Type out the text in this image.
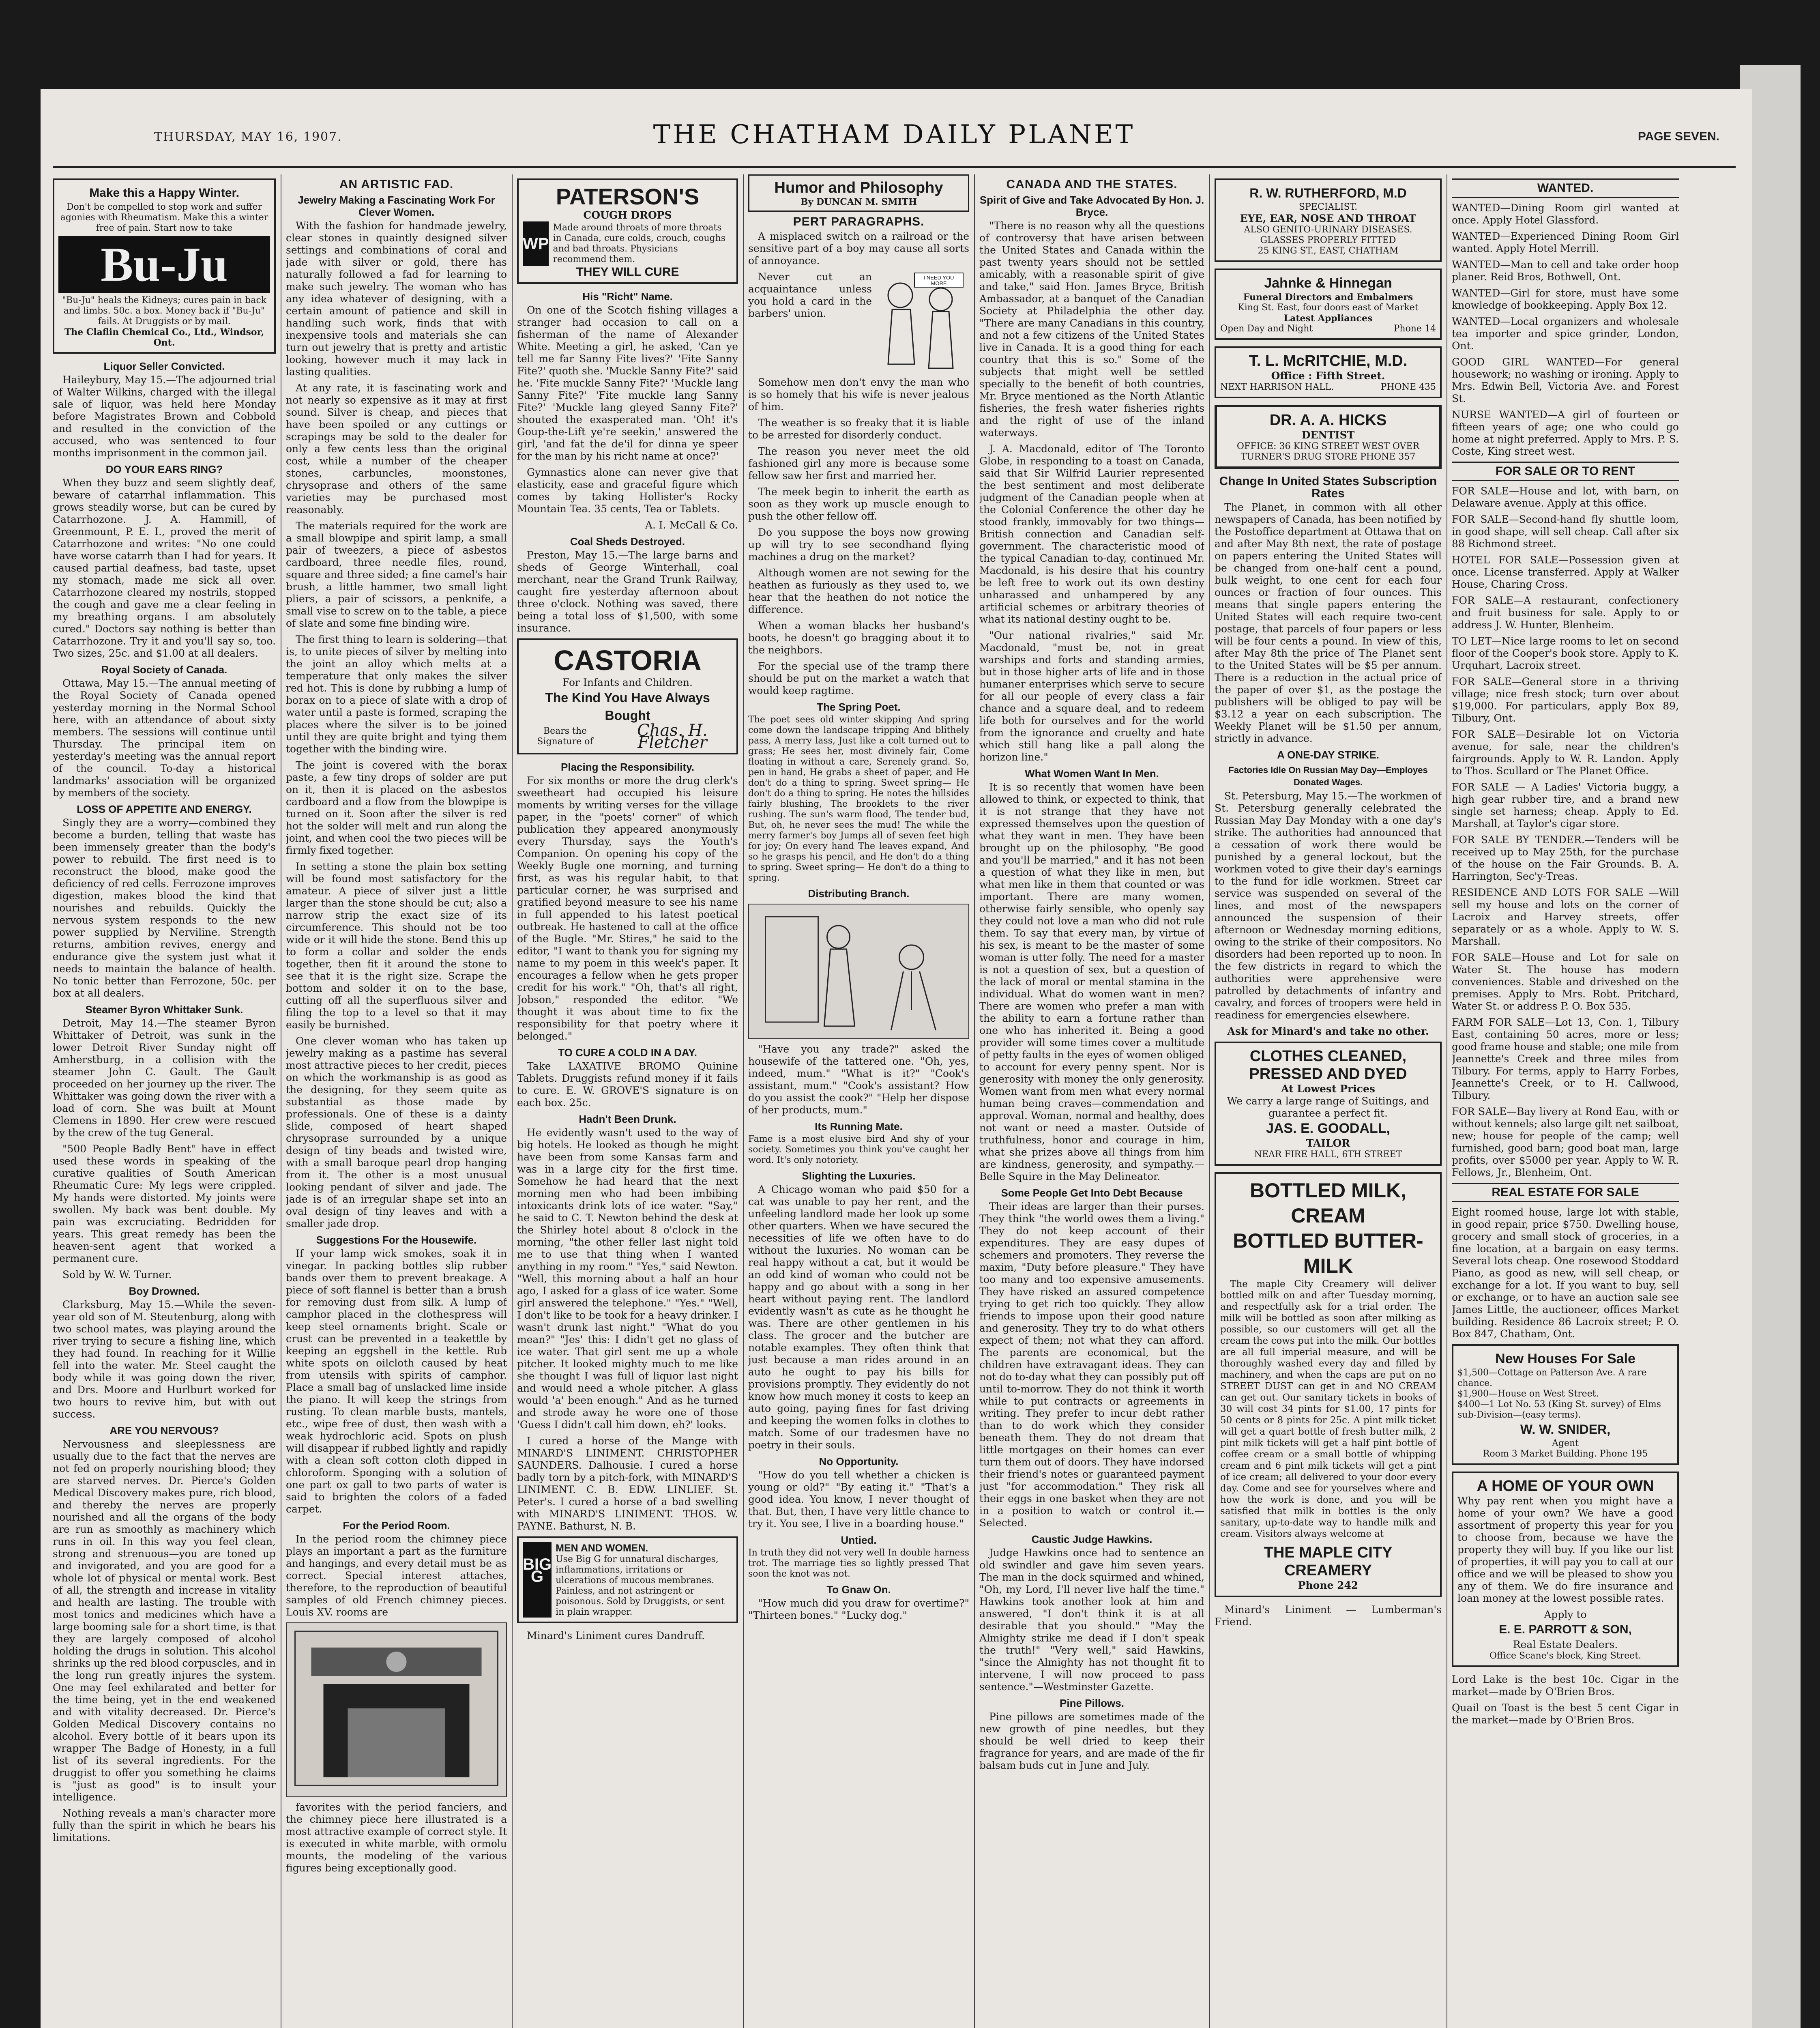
THURSDAY, MAY 16, 1907.	THE CHATHAM DAILY PLANET	PAGE SEVEN.
Make this a Happy Winter.
Don't be compelled to stop work and suffer agonies with Rheumatism. Make this a winter free of pain. Start now to take
Bu-Ju
"Bu-Ju" heals the Kidneys; cures pain in back and limbs. 50c. a box. Money back if "Bu-Ju" fails. At Druggists or by mail.
The Claflin Chemical Co., Ltd., Windsor, Ont.
Liquor Seller Convicted.

Haileybury, May 15.—The adjourned trial of Walter Wilkins, charged with the illegal sale of liquor, was held here Monday before Magistrates Brown and Cobbold and resulted in the conviction of the accused, who was sentenced to four months imprisonment in the common jail.

DO YOUR EARS RING?

When they buzz and seem slightly deaf, beware of catarrhal inflammation. This grows steadily worse, but can be cured by Catarrhozone. J. A. Hammill, of Greenmount, P. E. I., proved the merit of Catarrhozone and writes: "No one could have worse catarrh than I had for years. It caused partial deafness, bad taste, upset my stomach, made me sick all over. Catarrhozone cleared my nostrils, stopped the cough and gave me a clear feeling in my breathing organs. I am absolutely cured." Doctors say nothing is better than Catarrhozone. Try it and you'll say so, too. Two sizes, 25c. and $1.00 at all dealers.

Royal Society of Canada.

Ottawa, May 15.—The annual meeting of the Royal Society of Canada opened yesterday morning in the Normal School here, with an attendance of about sixty members. The sessions will continue until Thursday. The principal item on yesterday's meeting was the annual report of the council. To-day a historical landmarks' association will be organized by members of the society.

LOSS OF APPETITE AND ENERGY.

Singly they are a worry—combined they become a burden, telling that waste has been immensely greater than the body's power to rebuild. The first need is to reconstruct the blood, make good the deficiency of red cells. Ferrozone improves digestion, makes blood the kind that nourishes and rebuilds. Quickly the nervous system responds to the new power supplied by Nerviline. Strength returns, ambition revives, energy and endurance give the system just what it needs to maintain the balance of health. No tonic better than Ferrozone, 50c. per box at all dealers.

Steamer Byron Whittaker Sunk.

Detroit, May 14.—The steamer Byron Whittaker of Detroit, was sunk in the lower Detroit River Sunday night off Amherstburg, in a collision with the steamer John C. Gault. The Gault proceeded on her journey up the river. The Whittaker was going down the river with a load of corn. She was built at Mount Clemens in 1890. Her crew were rescued by the crew of the tug General.

"500 People Badly Bent" have in effect used these words in speaking of the curative qualities of South American Rheumatic Cure: My legs were crippled. My hands were distorted. My joints were swollen. My back was bent double. My pain was excruciating. Bedridden for years. This great remedy has been the heaven-sent agent that worked a permanent cure.

Sold by W. W. Turner.

Boy Drowned.

Clarksburg, May 15.—While the seven-year old son of M. Steutenburg, along with two school mates, was playing around the river trying to secure a fishing line, which they had found. In reaching for it Willie fell into the water. Mr. Steel caught the body while it was going down the river, and Drs. Moore and Hurlburt worked for two hours to revive him, but with out success.

ARE YOU NERVOUS?

Nervousness and sleeplessness are usually due to the fact that the nerves are not fed on properly nourishing blood; they are starved nerves. Dr. Pierce's Golden Medical Discovery makes pure, rich blood, and thereby the nerves are properly nourished and all the organs of the body are run as smoothly as machinery which runs in oil. In this way you feel clean, strong and strenuous—you are toned up and invigorated, and you are good for a whole lot of physical or mental work. Best of all, the strength and increase in vitality and health are lasting. The trouble with most tonics and medicines which have a large booming sale for a short time, is that they are largely composed of alcohol holding the drugs in solution. This alcohol shrinks up the red blood corpuscles, and in the long run greatly injures the system. One may feel exhilarated and better for the time being, yet in the end weakened and with vitality decreased. Dr. Pierce's Golden Medical Discovery contains no alcohol. Every bottle of it bears upon its wrapper The Badge of Honesty, in a full list of its several ingredients. For the druggist to offer you something he claims is "just as good" is to insult your intelligence.

Nothing reveals a man's character more fully than the spirit in which he bears his limitations.

AN ARTISTIC FAD.
Jewelry Making a Fascinating Work For Clever Women.

With the fashion for handmade jewelry, clear stones in quaintly designed silver settings and combinations of coral and jade with silver or gold, there has naturally followed a fad for learning to make such jewelry. The woman who has any idea whatever of designing, with a certain amount of patience and skill in handling such work, finds that with inexpensive tools and materials she can turn out jewelry that is pretty and artistic looking, however much it may lack in lasting qualities.

At any rate, it is fascinating work and not nearly so expensive as it may at first sound. Silver is cheap, and pieces that have been spoiled or any cuttings or scrapings may be sold to the dealer for only a few cents less than the original cost, while a number of the cheaper stones, carbuncles, moonstones, chrysoprase and others of the same varieties may be purchased most reasonably.

The materials required for the work are a small blowpipe and spirit lamp, a small pair of tweezers, a piece of asbestos cardboard, three needle files, round, square and three sided; a fine camel's hair brush, a little hammer, two small light pliers, a pair of scissors, a penknife, a small vise to screw on to the table, a piece of slate and some fine binding wire.

The first thing to learn is soldering—that is, to unite pieces of silver by melting into the joint an alloy which melts at a temperature that only makes the silver red hot. This is done by rubbing a lump of borax on to a piece of slate with a drop of water until a paste is formed, scraping the places where the silver is to be joined until they are quite bright and tying them together with the binding wire.

The joint is covered with the borax paste, a few tiny drops of solder are put on it, then it is placed on the asbestos cardboard and a flow from the blowpipe is turned on it. Soon after the silver is red hot the solder will melt and run along the joint, and when cool the two pieces will be firmly fixed together.

In setting a stone the plain box setting will be found most satisfactory for the amateur. A piece of silver just a little larger than the stone should be cut; also a narrow strip the exact size of its circumference. This should not be too wide or it will hide the stone. Bend this up to form a collar and solder the ends together, then fit it around the stone to see that it is the right size. Scrape the bottom and solder it on to the base, cutting off all the superfluous silver and filing the top to a level so that it may easily be burnished.

One clever woman who has taken up jewelry making as a pastime has several most attractive pieces to her credit, pieces on which the workmanship is as good as the designing, for they seem quite as substantial as those made by professionals. One of these is a dainty slide, composed of heart shaped chrysoprase surrounded by a unique design of tiny beads and twisted wire, with a small baroque pearl drop hanging from it. The other is a most unusual looking pendant of silver and jade. The jade is of an irregular shape set into an oval design of tiny leaves and with a smaller jade drop.

Suggestions For the Housewife.

If your lamp wick smokes, soak it in vinegar. In packing bottles slip rubber bands over them to prevent breakage. A piece of soft flannel is better than a brush for removing dust from silk. A lump of camphor placed in the clothespress will keep steel ornaments bright. Scale or crust can be prevented in a teakettle by keeping an eggshell in the kettle. Rub white spots on oilcloth caused by heat from utensils with spirits of camphor. Place a small bag of unslacked lime inside the piano. It will keep the strings from rusting. To clean marble busts, mantels, etc., wipe free of dust, then wash with a weak hydrochloric acid. Spots on plush will disappear if rubbed lightly and rapidly with a clean soft cotton cloth dipped in chloroform. Sponging with a solution of one part ox gall to two parts of water is said to brighten the colors of a faded carpet.

For the Period Room.

In the period room the chimney piece plays an important a part as the furniture and hangings, and every detail must be as correct. Special interest attaches, therefore, to the reproduction of beautiful samples of old French chimney pieces. Louis XV. rooms are

favorites with the period fanciers, and the chimney piece here illustrated is a most attractive example of correct style. It is executed in white marble, with ormolu mounts, the modeling of the various figures being exceptionally good.

PATERSON'S
COUGH DROPS
WP
Made around throats of more throats in Canada, cure colds, crouch, coughs and bad throats. Physicians recommend them.
THEY WILL CURE
His "Richt" Name.

On one of the Scotch fishing villages a stranger had occasion to call on a fisherman of the name of Alexander White. Meeting a girl, he asked, 'Can ye tell me far Sanny Fite lives?' 'Fite Sanny Fite?' quoth she. 'Muckle Sanny Fite?' said he. 'Fite muckle Sanny Fite?' 'Muckle lang Sanny Fite?' 'Fite muckle lang Sanny Fite?' 'Muckle lang gleyed Sanny Fite?' shouted the exasperated man. 'Oh! it's Goup-the-Lift ye're seekin,' answered the girl, 'and fat the de'il for dinna ye speer for the man by his richt name at once?'

Gymnastics alone can never give that elasticity, ease and graceful figure which comes by taking Hollister's Rocky Mountain Tea. 35 cents, Tea or Tablets.

A. I. McCall & Co.

Coal Sheds Destroyed.

Preston, May 15.—The large barns and sheds of George Winterhall, coal merchant, near the Grand Trunk Railway, caught fire yesterday afternoon about three o'clock. Nothing was saved, there being a total loss of $1,500, with some insurance.

CASTORIA
For Infants and Children.
The Kind You Have Always Bought
Bears the Signature of
Chas. H. Fletcher
Placing the Responsibility.

For six months or more the drug clerk's sweetheart had occupied his leisure moments by writing verses for the village paper, in the "poets' corner" of which publication they appeared anonymously every Thursday, says the Youth's Companion. On opening his copy of the Weekly Bugle one morning, and turning first, as was his regular habit, to that particular corner, he was surprised and gratified beyond measure to see his name in full appended to his latest poetical outbreak. He hastened to call at the office of the Bugle. "Mr. Stires," he said to the editor, "I want to thank you for signing my name to my poem in this week's paper. It encourages a fellow when he gets proper credit for his work." "Oh, that's all right, Jobson," responded the editor. "We thought it was about time to fix the responsibility for that poetry where it belonged."

TO CURE A COLD IN A DAY.

Take LAXATIVE BROMO Quinine Tablets. Druggists refund money if it fails to cure. E. W. GROVE'S signature is on each box. 25c.

Hadn't Been Drunk.

He evidently wasn't used to the way of big hotels. He looked as though he might have been from some Kansas farm and was in a large city for the first time. Somehow he had heard that the next morning men who had been imbibing intoxicants drink lots of ice water. "Say," he said to C. T. Newton behind the desk at the Shirley hotel about 8 o'clock in the morning, "the other feller last night told me to use that thing when I wanted anything in my room." "Yes," said Newton. "Well, this morning about a half an hour ago, I asked for a glass of ice water. Some girl answered the telephone." "Yes." "Well, I don't like to be took for a heavy drinker. I wasn't drunk last night." "What do you mean?" "Jes' this: I didn't get no glass of ice water. That girl sent me up a whole pitcher. It looked mighty much to me like she thought I was full of liquor last night and would need a whole pitcher. A glass would 'a' been enough." And as he turned and strode away he wore one of those 'Guess I didn't call him down, eh?' looks.

I cured a horse of the Mange with MINARD'S LINIMENT. CHRISTOPHER SAUNDERS. Dalhousie. I cured a horse badly torn by a pitch-fork, with MINARD'S LINIMENT. C. B. EDW. LINLIEF. St. Peter's. I cured a horse of a bad swelling with MINARD'S LINIMENT. THOS. W. PAYNE. Bathurst, N. B.

BIG G
MEN AND WOMEN.
Use Big G for unnatural discharges, inflammations, irritations or ulcerations of mucous membranes. Painless, and not astringent or poisonous. Sold by Druggists, or sent in plain wrapper.

Minard's Liniment cures Dandruff.

Humor and Philosophy
By DUNCAN M. SMITH
PERT PARAGRAPHS.

A misplaced switch on a railroad or the sensitive part of a boy may cause all sorts of annoyance.

Never cut an acquaintance unless you hold a card in the barbers' union.

I NEED YOU MORE

Somehow men don't envy the man who is so homely that his wife is never jealous of him.

The weather is so freaky that it is liable to be arrested for disorderly conduct.

The reason you never meet the old fashioned girl any more is because some fellow saw her first and married her.

The meek begin to inherit the earth as soon as they work up muscle enough to push the other fellow off.

Do you suppose the boys now growing up will try to see secondhand flying machines a drug on the market?

Although women are not sewing for the heathen as furiously as they used to, we hear that the heathen do not notice the difference.

When a woman blacks her husband's boots, he doesn't go bragging about it to the neighbors.

For the special use of the tramp there should be put on the market a watch that would keep ragtime.

The Spring Poet.

The poet sees old winter skipping And spring come down the landscape tripping And blithely pass, A merry lass, Just like a colt turned out to grass; He sees her, most divinely fair, Come floating in without a care, Serenely grand. So, pen in hand, He grabs a sheet of paper, and He don't do a thing to spring. Sweet spring— He don't do a thing to spring. He notes the hillsides fairly blushing, The brooklets to the river rushing. The sun's warm flood, The tender bud, But, oh, he never sees the mud! The while the merry farmer's boy Jumps all of seven feet high for joy; On every hand The leaves expand, And so he grasps his pencil, and He don't do a thing to spring. Sweet spring— He don't do a thing to spring.

Distributing Branch.

"Have you any trade?" asked the housewife of the tattered one. "Oh, yes, indeed, mum." "What is it?" "Cook's assistant, mum." "Cook's assistant? How do you assist the cook?" "Help her dispose of her products, mum."

Its Running Mate.

Fame is a most elusive bird And shy of your society. Sometimes you think you've caught her word. It's only notoriety.

Slighting the Luxuries.

A Chicago woman who paid $50 for a cat was unable to pay her rent, and the unfeeling landlord made her look up some other quarters. When we have secured the necessities of life we often have to do without the luxuries. No woman can be real happy without a cat, but it would be an odd kind of woman who could not be happy and go about with a song in her heart without paying rent. The landlord evidently wasn't as cute as he thought he was. There are other gentlemen in his class. The grocer and the butcher are notable examples. They often think that just because a man rides around in an auto he ought to pay his bills for provisions promptly. They evidently do not know how much money it costs to keep an auto going, paying fines for fast driving and keeping the women folks in clothes to match. Some of our tradesmen have no poetry in their souls.

No Opportunity.

"How do you tell whether a chicken is young or old?" "By eating it." "That's a good idea. You know, I never thought of that. But, then, I have very little chance to try it. You see, I live in a boarding house."

Untied.

In truth they did not very well In double harness trot. The marriage ties so lightly pressed That soon the knot was not.

To Gnaw On.

"How much did you draw for overtime?" "Thirteen bones." "Lucky dog."

CANADA AND THE STATES.
Spirit of Give and Take Advocated By Hon. J. Bryce.

"There is no reason why all the questions of controversy that have arisen between the United States and Canada within the past twenty years should not be settled amicably, with a reasonable spirit of give and take," said Hon. James Bryce, British Ambassador, at a banquet of the Canadian Society at Philadelphia the other day. "There are many Canadians in this country, and not a few citizens of the United States live in Canada. It is a good thing for each country that this is so." Some of the subjects that might well be settled specially to the benefit of both countries, Mr. Bryce mentioned as the North Atlantic fisheries, the fresh water fisheries rights and the right of use of the inland waterways.

J. A. Macdonald, editor of The Toronto Globe, in responding to a toast on Canada, said that Sir Wilfrid Laurier represented the best sentiment and most deliberate judgment of the Canadian people when at the Colonial Conference the other day he stood frankly, immovably for two things—British connection and Canadian self-government. The characteristic mood of the typical Canadian to-day, continued Mr. Macdonald, is his desire that his country be left free to work out its own destiny unharassed and unhampered by any artificial schemes or arbitrary theories of what its national destiny ought to be.

"Our national rivalries," said Mr. Macdonald, "must be, not in great warships and forts and standing armies, but in those higher arts of life and in those humaner enterprises which serve to secure for all our people of every class a fair chance and a square deal, and to redeem life both for ourselves and for the world from the ignorance and cruelty and hate which still hang like a pall along the horizon line."

What Women Want In Men.

It is so recently that women have been allowed to think, or expected to think, that it is not strange that they have not expressed themselves upon the question of what they want in men. They have been brought up on the philosophy, "Be good and you'll be married," and it has not been a question of what they like in men, but what men like in them that counted or was important. There are many women, otherwise fairly sensible, who openly say they could not love a man who did not rule them. To say that every man, by virtue of his sex, is meant to be the master of some woman is utter folly. The need for a master is not a question of sex, but a question of the lack of moral or mental stamina in the individual. What do women want in men? There are women who prefer a man with the ability to earn a fortune rather than one who has inherited it. Being a good provider will some times cover a multitude of petty faults in the eyes of women obliged to account for every penny spent. Nor is generosity with money the only generosity. Women want from men what every normal human being craves—commendation and approval. Woman, normal and healthy, does not want or need a master. Outside of truthfulness, honor and courage in him, what she prizes above all things from him are kindness, generosity, and sympathy.—Belle Squire in the May Delineator.

Some People Get Into Debt Because

Their ideas are larger than their purses. They think "the world owes them a living." They do not keep account of their expenditures. They are easy dupes of schemers and promoters. They reverse the maxim, "Duty before pleasure." They have too many and too expensive amusements. They have risked an assured competence trying to get rich too quickly. They allow friends to impose upon their good nature and generosity. They try to do what others expect of them; not what they can afford. The parents are economical, but the children have extravagant ideas. They can not do to-day what they can possibly put off until to-morrow. They do not think it worth while to put contracts or agreements in writing. They prefer to incur debt rather than to do work which they consider beneath them. They do not dream that little mortgages on their homes can ever turn them out of doors. They have indorsed their friend's notes or guaranteed payment just "for accommodation." They risk all their eggs in one basket when they are not in a position to watch or control it.—Selected.

Caustic Judge Hawkins.

Judge Hawkins once had to sentence an old swindler and gave him seven years. The man in the dock squirmed and whined, "Oh, my Lord, I'll never live half the time." Hawkins took another look at him and answered, "I don't think it is at all desirable that you should." "May the Almighty strike me dead if I don't speak the truth!" "Very well," said Hawkins, "since the Almighty has not thought fit to intervene, I will now proceed to pass sentence."—Westminster Gazette.

Pine Pillows.

Pine pillows are sometimes made of the new growth of pine needles, but they should be well dried to keep their fragrance for years, and are made of the fir balsam buds cut in June and July.

R. W. RUTHERFORD, M.D
SPECIALIST.
EYE, EAR, NOSE AND THROAT
ALSO GENITO-URINARY DISEASES.
GLASSES PROPERLY FITTED
25 KING ST., EAST, CHATHAM
Jahnke & Hinnegan
Funeral Directors and Embalmers
King St. East, four doors east of Market
Latest Appliances
Open Day and Night	Phone 14
T. L. McRITCHIE, M.D.
Office : Fifth Street.
NEXT HARRISON HALL.	PHONE 435
DR. A. A. HICKS
DENTIST
OFFICE: 36 KING STREET WEST OVER TURNER'S DRUG STORE PHONE 357
Change In United States Subscription Rates

The Planet, in common with all other newspapers of Canada, has been notified by the Postoffice department at Ottawa that on and after May 8th next, the rate of postage on papers entering the United States will be changed from one-half cent a pound, bulk weight, to one cent for each four ounces or fraction of four ounces. This means that single papers entering the United States will each require two-cent postage, that parcels of four papers or less will be four cents a pound. In view of this, after May 8th the price of The Planet sent to the United States will be $5 per annum. There is a reduction in the actual price of the paper of over $1, as the postage the publishers will be obliged to pay will be $3.12 a year on each subscription. The Weekly Planet will be $1.50 per annum, strictly in advance.

A ONE-DAY STRIKE.
Factories Idle On Russian May Day—Employes Donated Wages.

St. Petersburg, May 15.—The workmen of St. Petersburg generally celebrated the Russian May Day Monday with a one day's strike. The authorities had announced that a cessation of work there would be punished by a general lockout, but the workmen voted to give their day's earnings to the fund for idle workmen. Street car service was suspended on several of the lines, and most of the newspapers announced the suspension of their afternoon or Wednesday morning editions, owing to the strike of their compositors. No disorders had been reported up to noon. In the few districts in regard to which the authorities were apprehensive were patrolled by detachments of infantry and cavalry, and forces of troopers were held in readiness for emergencies elsewhere.

Ask for Minard's and take no other.

CLOTHES CLEANED,
PRESSED AND DYED
At Lowest Prices
We carry a large range of Suitings, and guarantee a perfect fit.
JAS. E. GOODALL,
TAILOR
NEAR FIRE HALL, 6TH STREET
BOTTLED MILK, CREAM
BOTTLED BUTTER-MILK

The maple City Creamery will deliver bottled milk on and after Tuesday morning, and respectfully ask for a trial order. The milk will be bottled as soon after milking as possible, so our customers will get all the cream the cows put into the milk. Our bottles are all full imperial measure, and will be thoroughly washed every day and filled by machinery, and when the caps are put on no STREET DUST can get in and NO CREAM can get out. Our sanitary tickets in books of 30 will cost 34 pints for $1.00, 17 pints for 50 cents or 8 pints for 25c. A pint milk ticket will get a quart bottle of fresh butter milk, 2 pint milk tickets will get a half pint bottle of coffee cream or a small bottle of whipping cream and 6 pint milk tickets will get a pint of ice cream; all delivered to your door every day. Come and see for yourselves where and how the work is done, and you will be satisfied that milk in bottles is the only sanitary, up-to-date way to handle milk and cream. Visitors always welcome at

THE MAPLE CITY CREAMERY
Phone 242

Minard's Liniment — Lumberman's Friend.

WANTED.

WANTED—Dining Room girl wanted at once. Apply Hotel Glassford.

WANTED—Experienced Dining Room Girl wanted. Apply Hotel Merrill.

WANTED—Man to cell and take order hoop planer. Reid Bros, Bothwell, Ont.

WANTED—Girl for store, must have some knowledge of bookkeeping. Apply Box 12.

WANTED—Local organizers and wholesale tea importer and spice grinder, London, Ont.

GOOD GIRL WANTED—For general housework; no washing or ironing. Apply to Mrs. Edwin Bell, Victoria Ave. and Forest St.

NURSE WANTED—A girl of fourteen or fifteen years of age; one who could go home at night preferred. Apply to Mrs. P. S. Coste, King street west.

FOR SALE OR TO RENT

FOR SALE—House and lot, with barn, on Delaware avenue. Apply at this office.

FOR SALE—Second-hand fly shuttle loom, in good shape, will sell cheap. Call after six 88 Richmond street.

HOTEL FOR SALE—Possession given at once. License transferred. Apply at Walker House, Charing Cross.

FOR SALE—A restaurant, confectionery and fruit business for sale. Apply to or address J. W. Hunter, Blenheim.

TO LET—Nice large rooms to let on second floor of the Cooper's book store. Apply to K. Urquhart, Lacroix street.

FOR SALE—General store in a thriving village; nice fresh stock; turn over about $19,000. For particulars, apply Box 89, Tilbury, Ont.

FOR SALE—Desirable lot on Victoria avenue, for sale, near the children's fairgrounds. Apply to W. R. Landon. Apply to Thos. Scullard or The Planet Office.

FOR SALE — A Ladies' Victoria buggy, a high gear rubber tire, and a brand new single set harness; cheap. Apply to Ed. Marshall, at Taylor's cigar store.

FOR SALE BY TENDER.—Tenders will be received up to May 25th, for the purchase of the house on the Fair Grounds. B. A. Harrington, Sec'y-Treas.

RESIDENCE AND LOTS FOR SALE —Will sell my house and lots on the corner of Lacroix and Harvey streets, offer separately or as a whole. Apply to W. S. Marshall.

FOR SALE—House and Lot for sale on Water St. The house has modern conveniences. Stable and driveshed on the premises. Apply to Mrs. Robt. Pritchard, Water St. or address P. O. Box 535.

FARM FOR SALE—Lot 13, Con. 1, Tilbury East, containing 50 acres, more or less; good frame house and stable; one mile from Jeannette's Creek and three miles from Tilbury. For terms, apply to Harry Forbes, Jeannette's Creek, or to H. Callwood, Tilbury.

FOR SALE—Bay livery at Rond Eau, with or without kennels; also large gilt net sailboat, new; house for people of the camp; well furnished, good barn; good boat man, large profits, over $5000 per year. Apply to W. R. Fellows, Jr., Blenheim, Ont.

REAL ESTATE FOR SALE

Eight roomed house, large lot with stable, in good repair, price $750. Dwelling house, grocery and small stock of groceries, in a fine location, at a bargain on easy terms. Several lots cheap. One rosewood Stoddard Piano, as good as new, will sell cheap, or exchange for a lot. If you want to buy, sell or exchange, or to have an auction sale see James Little, the auctioneer, offices Market building. Residence 86 Lacroix street; P. O. Box 847, Chatham, Ont.

New Houses For Sale
$1,500—Cottage on Patterson Ave. A rare chance.
$1,900—House on West Street.
$400—1 Lot No. 53 (King St. survey) of Elms sub-Division—(easy terms).
W. W. SNIDER,
Agent
Room 3 Market Building. Phone 195
A HOME OF YOUR OWN

Why pay rent when you might have a home of your own? We have a good assortment of property this year for you to choose from, because we have the property they will buy. If you like our list of properties, it will pay you to call at our office and we will be pleased to show you any of them. We do fire insurance and loan money at the lowest possible rates.

Apply to
E. E. PARROTT & SON,
Real Estate Dealers.
Office Scane's block, King Street.

Lord Lake is the best 10c. Cigar in the market—made by O'Brien Bros.

Quail on Toast is the best 5 cent Cigar in the market—made by O'Brien Bros.
